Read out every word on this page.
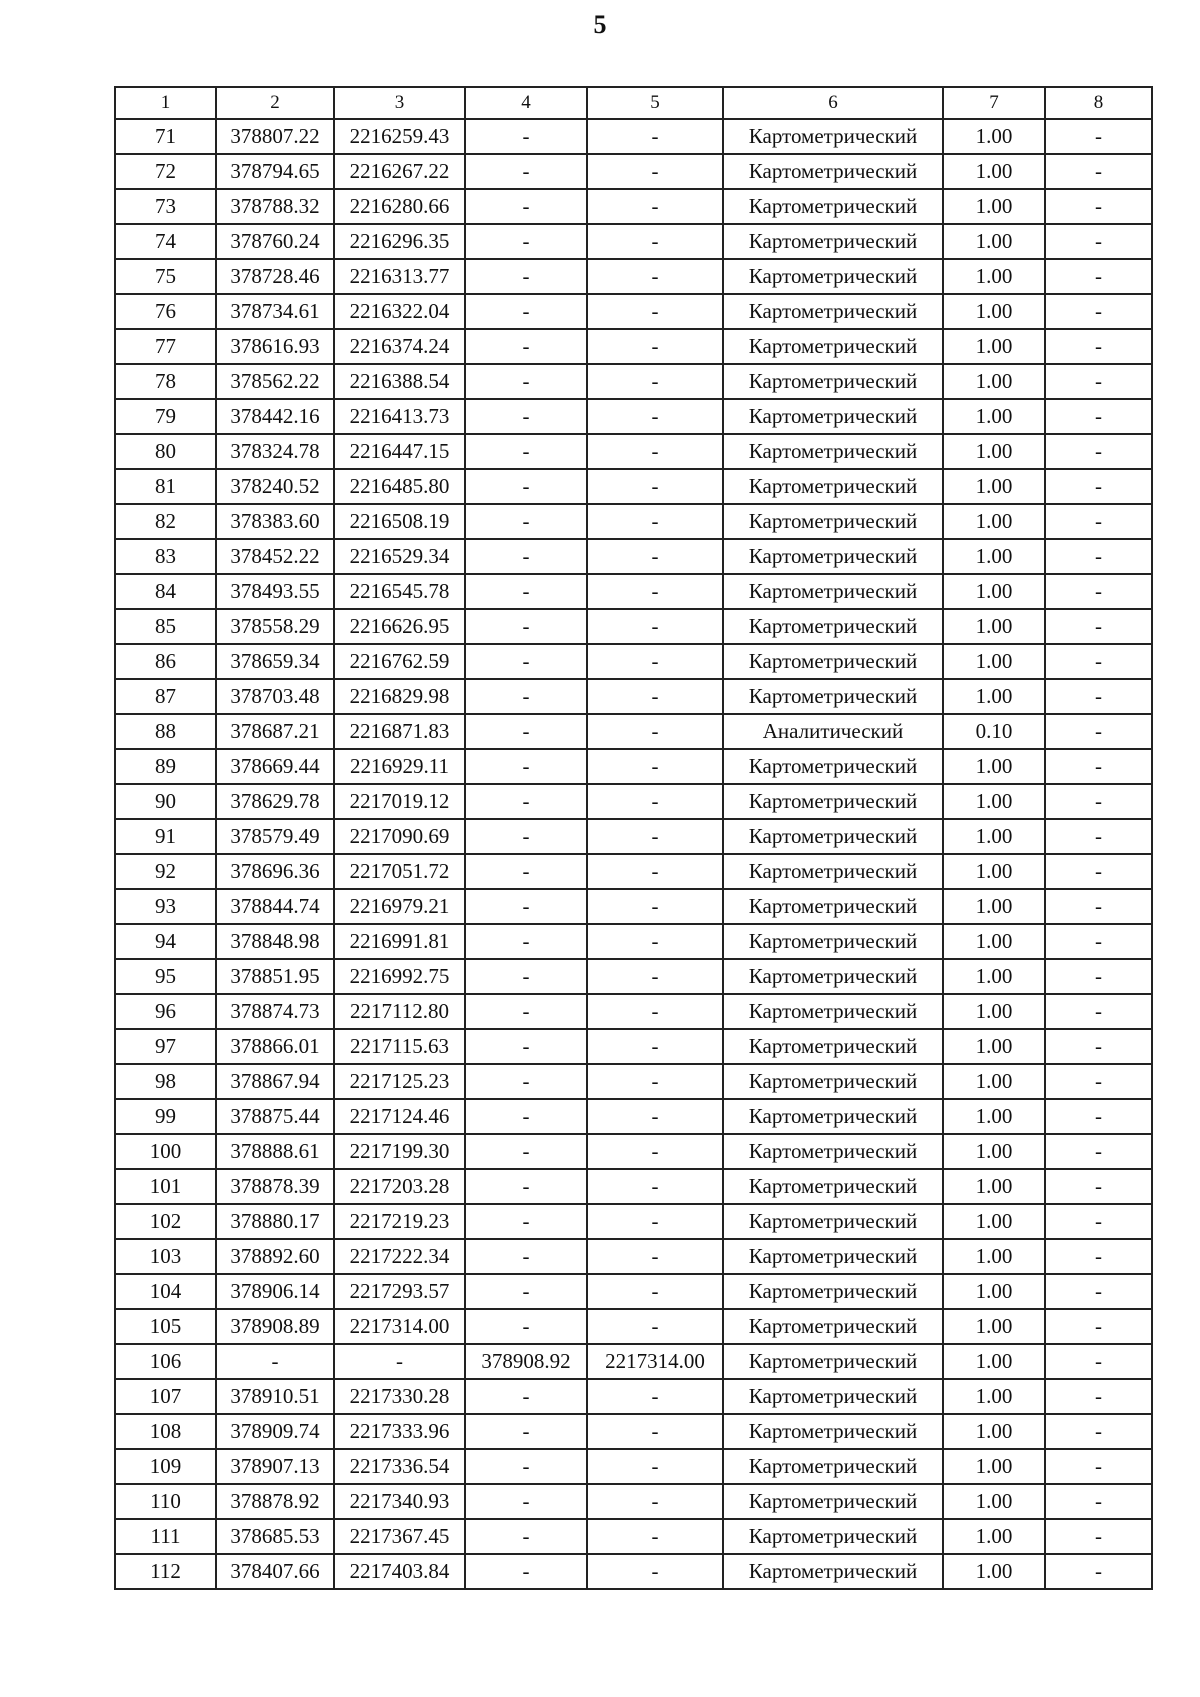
5
1	2	3	4	5	6	7	8
71	378807.22	2216259.43	-	-	Картометрический	1.00	-
72	378794.65	2216267.22	-	-	Картометрический	1.00	-
73	378788.32	2216280.66	-	-	Картометрический	1.00	-
74	378760.24	2216296.35	-	-	Картометрический	1.00	-
75	378728.46	2216313.77	-	-	Картометрический	1.00	-
76	378734.61	2216322.04	-	-	Картометрический	1.00	-
77	378616.93	2216374.24	-	-	Картометрический	1.00	-
78	378562.22	2216388.54	-	-	Картометрический	1.00	-
79	378442.16	2216413.73	-	-	Картометрический	1.00	-
80	378324.78	2216447.15	-	-	Картометрический	1.00	-
81	378240.52	2216485.80	-	-	Картометрический	1.00	-
82	378383.60	2216508.19	-	-	Картометрический	1.00	-
83	378452.22	2216529.34	-	-	Картометрический	1.00	-
84	378493.55	2216545.78	-	-	Картометрический	1.00	-
85	378558.29	2216626.95	-	-	Картометрический	1.00	-
86	378659.34	2216762.59	-	-	Картометрический	1.00	-
87	378703.48	2216829.98	-	-	Картометрический	1.00	-
88	378687.21	2216871.83	-	-	Аналитический	0.10	-
89	378669.44	2216929.11	-	-	Картометрический	1.00	-
90	378629.78	2217019.12	-	-	Картометрический	1.00	-
91	378579.49	2217090.69	-	-	Картометрический	1.00	-
92	378696.36	2217051.72	-	-	Картометрический	1.00	-
93	378844.74	2216979.21	-	-	Картометрический	1.00	-
94	378848.98	2216991.81	-	-	Картометрический	1.00	-
95	378851.95	2216992.75	-	-	Картометрический	1.00	-
96	378874.73	2217112.80	-	-	Картометрический	1.00	-
97	378866.01	2217115.63	-	-	Картометрический	1.00	-
98	378867.94	2217125.23	-	-	Картометрический	1.00	-
99	378875.44	2217124.46	-	-	Картометрический	1.00	-
100	378888.61	2217199.30	-	-	Картометрический	1.00	-
101	378878.39	2217203.28	-	-	Картометрический	1.00	-
102	378880.17	2217219.23	-	-	Картометрический	1.00	-
103	378892.60	2217222.34	-	-	Картометрический	1.00	-
104	378906.14	2217293.57	-	-	Картометрический	1.00	-
105	378908.89	2217314.00	-	-	Картометрический	1.00	-
106	-	-	378908.92	2217314.00	Картометрический	1.00	-
107	378910.51	2217330.28	-	-	Картометрический	1.00	-
108	378909.74	2217333.96	-	-	Картометрический	1.00	-
109	378907.13	2217336.54	-	-	Картометрический	1.00	-
110	378878.92	2217340.93	-	-	Картометрический	1.00	-
111	378685.53	2217367.45	-	-	Картометрический	1.00	-
112	378407.66	2217403.84	-	-	Картометрический	1.00	-
